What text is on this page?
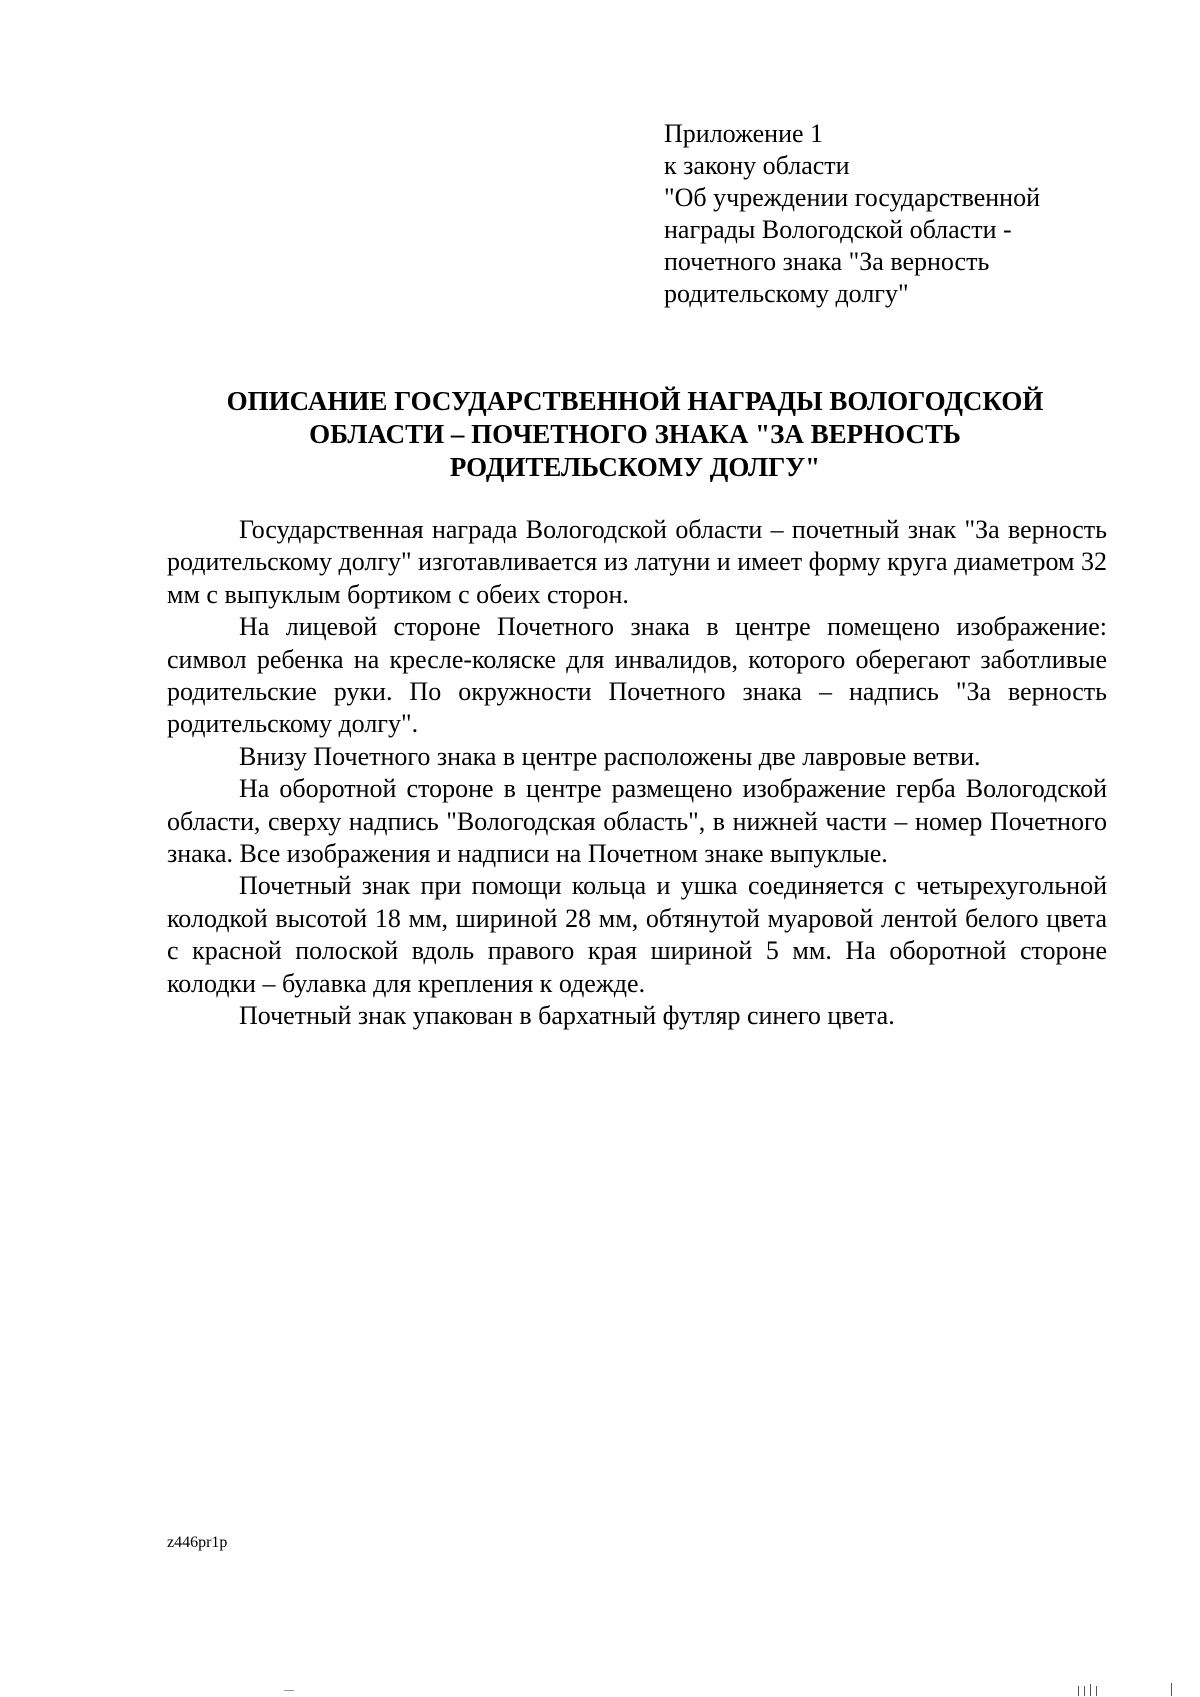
Приложение 1
к закону области
"Об учреждении государственной
награды Вологодской области -
почетного знака "За верность
родительскому долгу"
ОПИСАНИЕ ГОСУДАРСТВЕННОЙ НАГРАДЫ ВОЛОГОДСКОЙ
ОБЛАСТИ – ПОЧЕТНОГО ЗНАКА "ЗА ВЕРНОСТЬ
РОДИТЕЛЬСКОМУ ДОЛГУ"

Государственная награда Вологодской области – почетный знак "За верность родительскому долгу" изготавливается из латуни и имеет форму круга диаметром 32 мм с выпуклым бортиком с обеих сторон.

На лицевой стороне Почетного знака в центре помещено изображение: символ ребенка на кресле-коляске для инвалидов, которого оберегают заботливые родительские руки. По окружности Почетного знака – надпись "За верность родительскому долгу".

Внизу Почетного знака в центре расположены две лавровые ветви.

На оборотной стороне в центре размещено изображение герба Вологодской области, сверху надпись "Вологодская область", в нижней части – номер Почетного знака. Все изображения и надписи на Почетном знаке выпуклые.

Почетный знак при помощи кольца и ушка соединяется с четырехугольной колодкой высотой 18 мм, шириной 28 мм, обтянутой муаровой лентой белого цвета с красной полоской вдоль правого края шириной 5 мм. На оборотной стороне колодки – булавка для крепления к одежде.

Почетный знак упакован в бархатный футляр синего цвета.

z446pr1p
